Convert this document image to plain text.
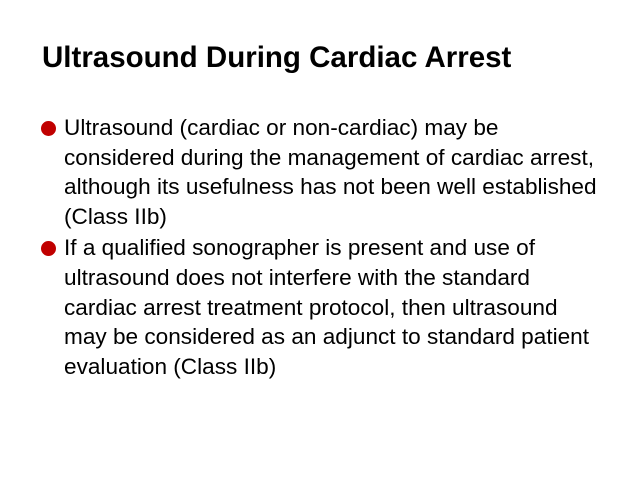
Ultrasound During Cardiac Arrest
Ultrasound (cardiac or non-cardiac) may be considered during the management of cardiac arrest, although its usefulness has not been well established (Class IIb)
If a qualified sonographer is present and use of ultrasound does not interfere with the standard cardiac arrest treatment protocol, then ultrasound may be considered as an adjunct to standard patient evaluation (Class IIb)
